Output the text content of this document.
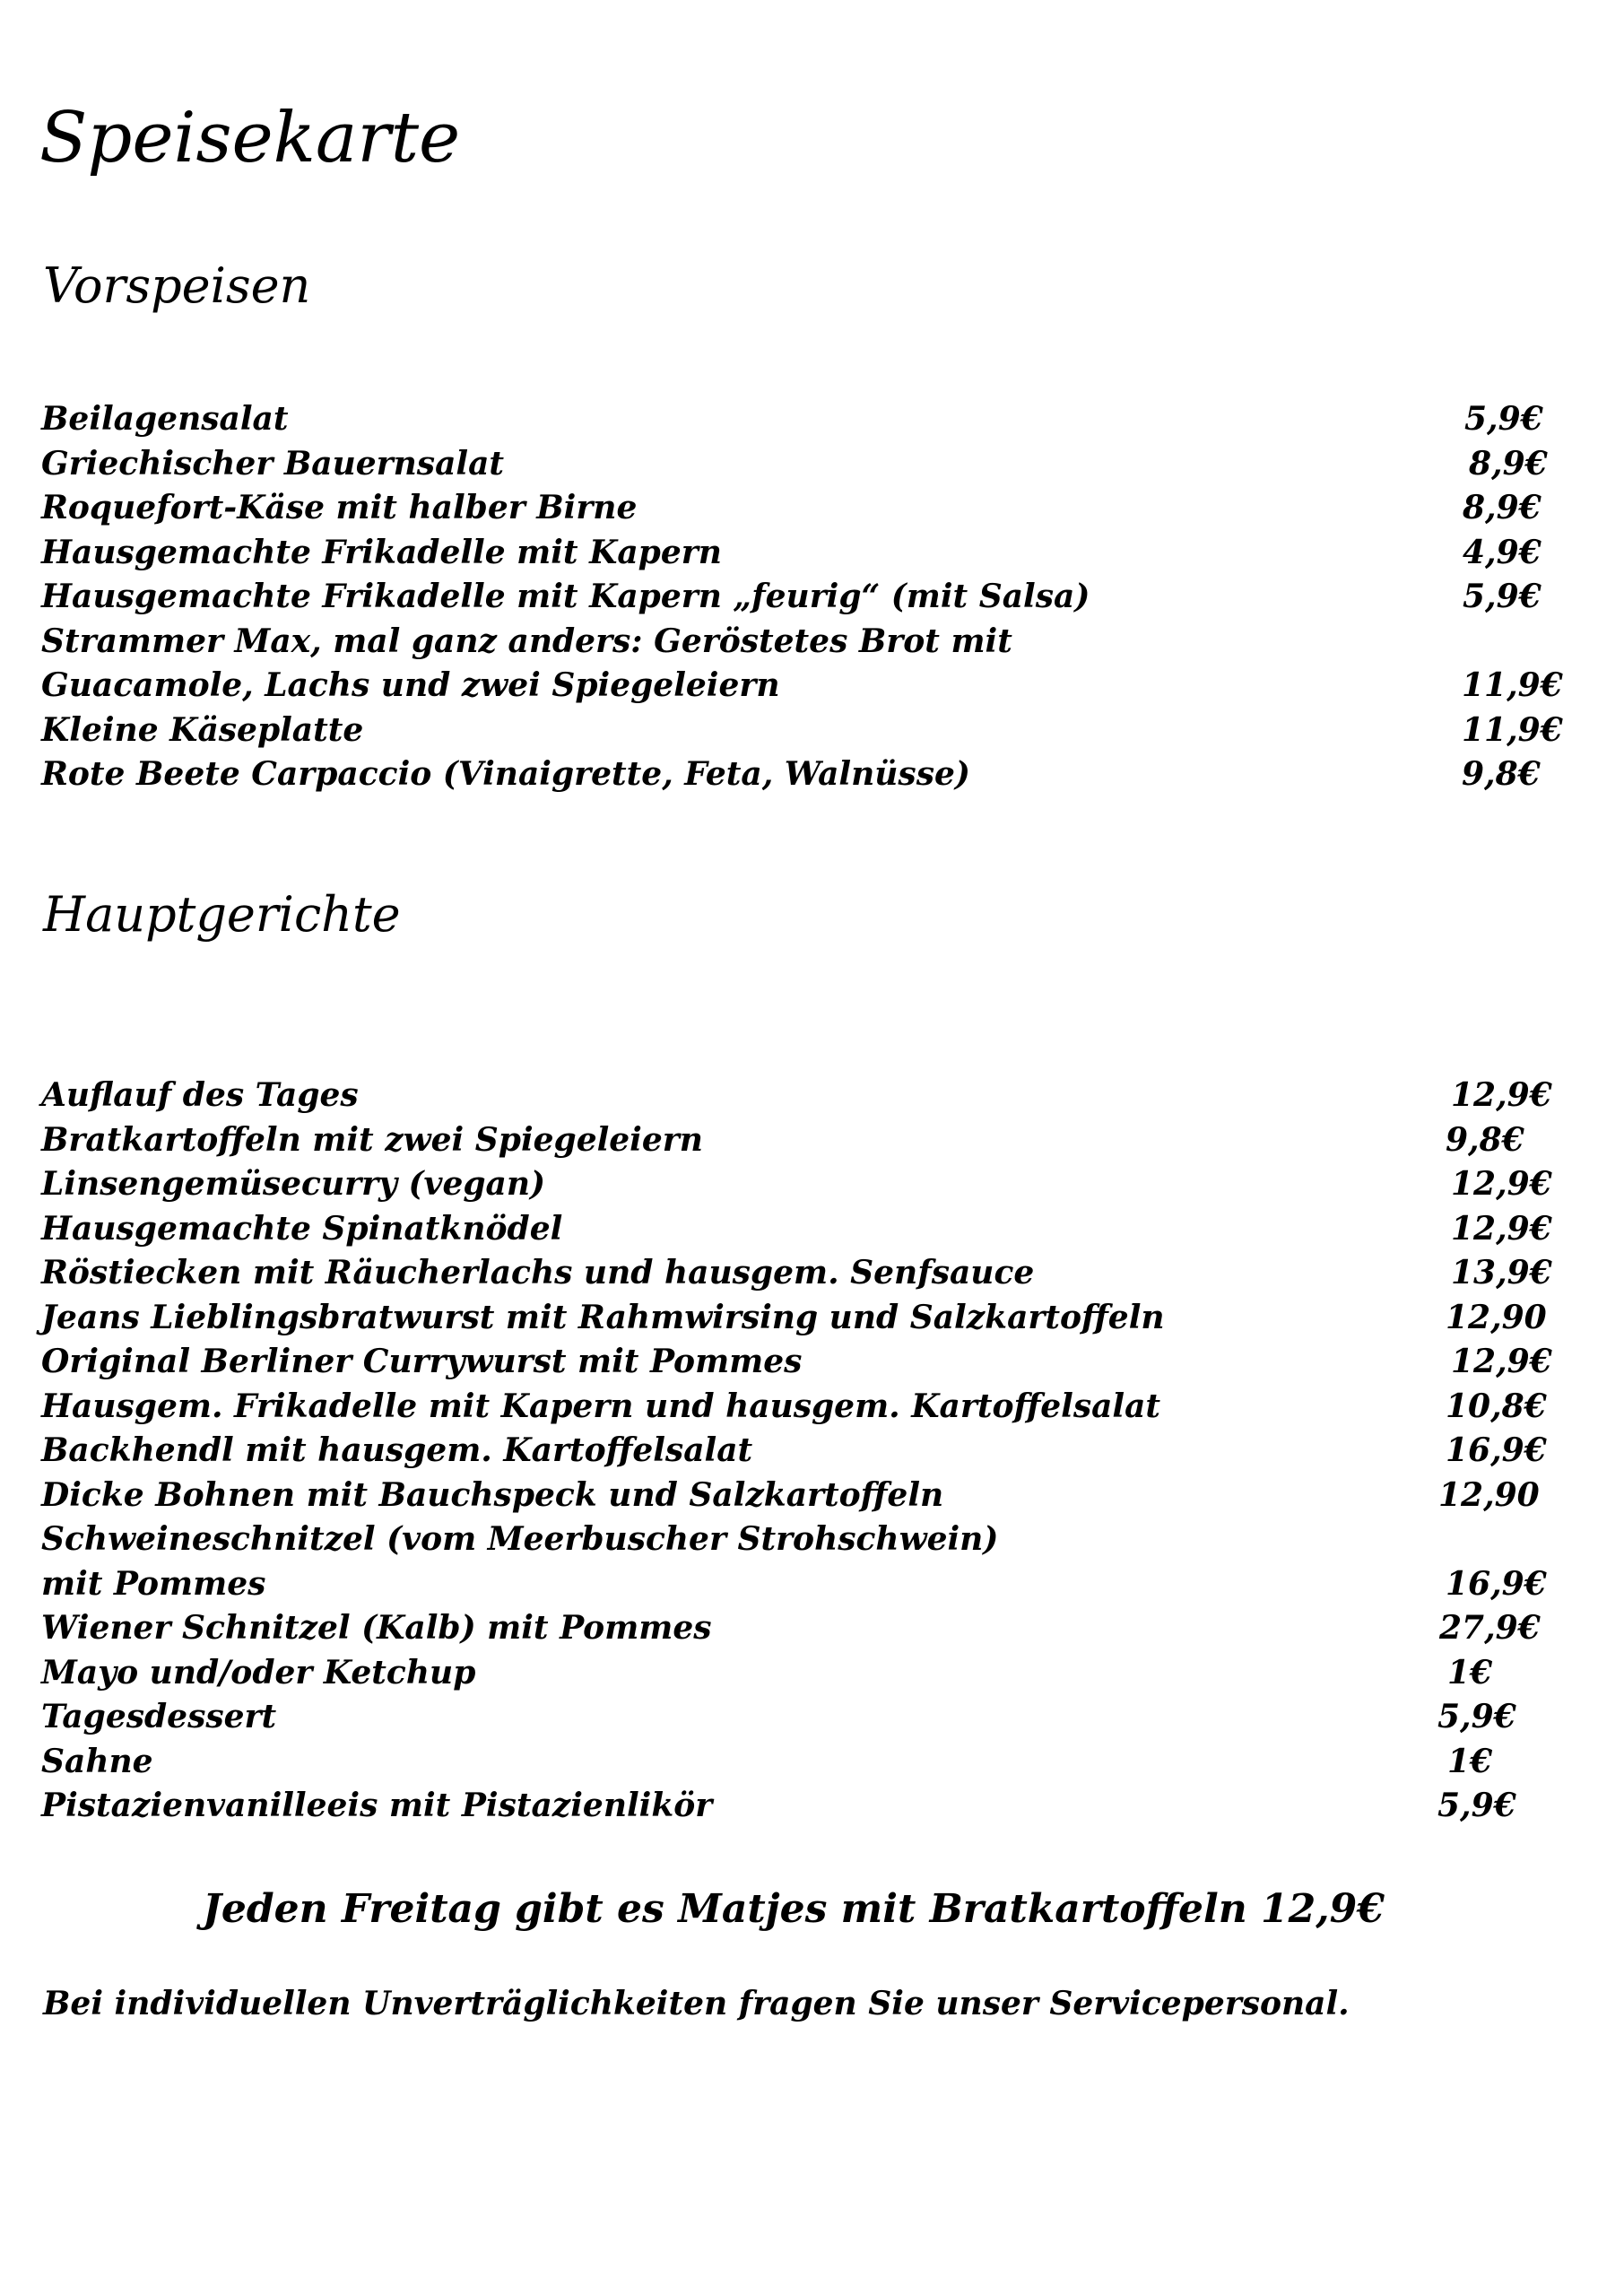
Speisekarte
Vorspeisen
Beilagensalat	5,9€
Griechischer Bauernsalat	8,9€
Roquefort-Käse mit halber Birne	8,9€
Hausgemachte Frikadelle mit Kapern	4,9€
Hausgemachte Frikadelle mit Kapern „feurig“ (mit Salsa)	5,9€
Strammer Max, mal ganz anders: Geröstetes Brot mit
Guacamole, Lachs und zwei Spiegeleiern	11,9€
Kleine Käseplatte	11,9€
Rote Beete Carpaccio (Vinaigrette, Feta, Walnüsse)	9,8€
Hauptgerichte
Auflauf des Tages	12,9€
Bratkartoffeln mit zwei Spiegeleiern	9,8€
Linsengemüsecurry (vegan)	12,9€
Hausgemachte Spinatknödel	12,9€
Röstiecken mit Räucherlachs und hausgem. Senfsauce	13,9€
Jeans Lieblingsbratwurst mit Rahmwirsing und Salzkartoffeln	12,90
Original Berliner Currywurst mit Pommes	12,9€
Hausgem. Frikadelle mit Kapern und hausgem. Kartoffelsalat	10,8€
Backhendl mit hausgem. Kartoffelsalat	16,9€
Dicke Bohnen mit Bauchspeck und Salzkartoffeln	12,90
Schweineschnitzel (vom Meerbuscher Strohschwein)
mit Pommes	16,9€
Wiener Schnitzel (Kalb) mit Pommes	27,9€
Mayo und/oder Ketchup	1€
Tagesdessert	5,9€
Sahne	1€
Pistazienvanilleeis mit Pistazienlikör	5,9€

Jeden Freitag gibt es Matjes mit Bratkartoffeln 12,9€

Bei individuellen Unverträglichkeiten fragen Sie unser Servicepersonal.
